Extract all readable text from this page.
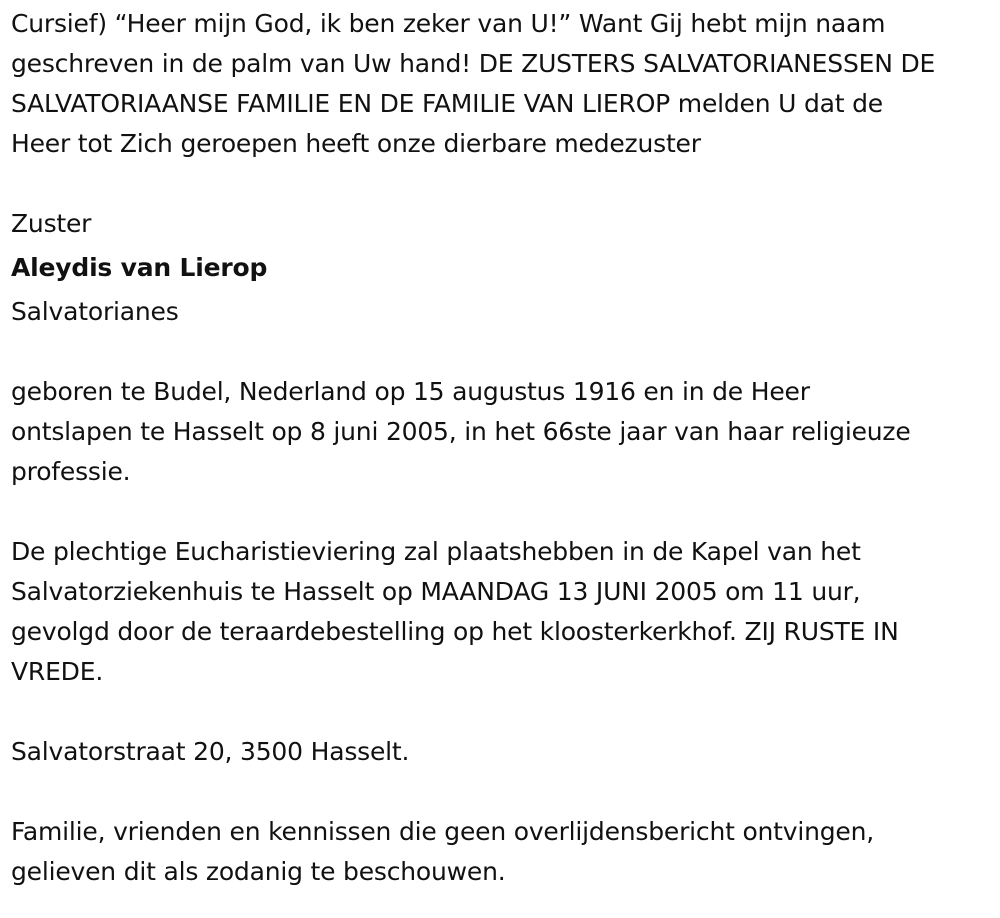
Cursief) “Heer mijn God, ik ben zeker van U!” Want Gij hebt mijn naam
geschreven in de palm van Uw hand! DE ZUSTERS SALVATORIANESSEN DE
SALVATORIAANSE FAMILIE EN DE FAMILIE VAN LIEROP melden U dat de
Heer tot Zich geroepen heeft onze dierbare medezuster

Zuster
Aleydis van Lierop
Salvatorianes

geboren te Budel, Nederland op 15 augustus 1916 en in de Heer
ontslapen te Hasselt op 8 juni 2005, in het 66ste jaar van haar religieuze
professie.

De plechtige Eucharistieviering zal plaatshebben in de Kapel van het
Salvatorziekenhuis te Hasselt op MAANDAG 13 JUNI 2005 om 11 uur,
gevolgd door de teraardebestelling op het kloosterkerkhof. ZIJ RUSTE IN
VREDE.

Salvatorstraat 20, 3500 Hasselt.

Familie, vrienden en kennissen die geen overlijdensbericht ontvingen,
gelieven dit als zodanig te beschouwen.
